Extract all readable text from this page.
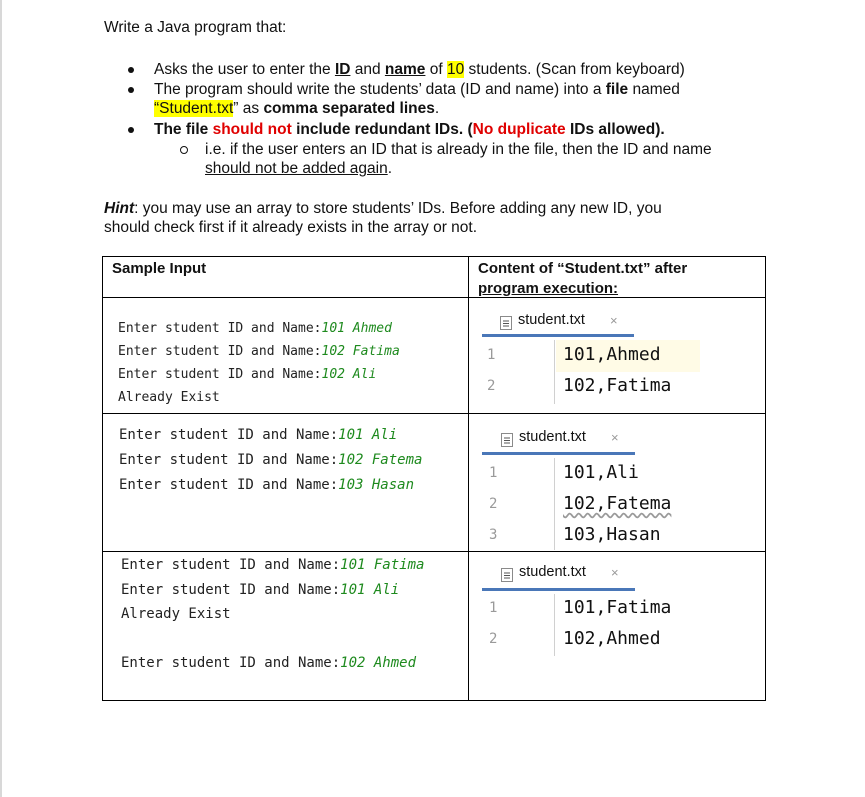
Write a Java program that:
Asks the user to enter the ID and name of 10 students. (Scan from keyboard)
The program should write the students’ data (ID and name) into a file named
“Student.txt” as comma separated lines.
The file should not include redundant IDs. (No duplicate IDs allowed).
i.e. if the user enters an ID that is already in the file, then the ID and name
should not be added again.
Hint: you may use an array to store students’ IDs. Before adding any new ID, you
should check first if it already exists in the array or not.
Sample Input	Content of “Student.txt” after
program execution:
Enter student ID and Name:101 Ahmed
Enter student ID and Name:102 Fatima
Enter student ID and Name:102 Ali
Already Exist
student.txt ×
1	101,Ahmed
2	102,Fatima
Enter student ID and Name:101 Ali
Enter student ID and Name:102 Fatema
Enter student ID and Name:103 Hasan
student.txt ×
1	101,Ali
2	102,Fatema
3	103,Hasan
Enter student ID and Name:101 Fatima
Enter student ID and Name:101 Ali
Already Exist
Enter student ID and Name:102 Ahmed
student.txt ×
1	101,Fatima
2	102,Ahmed
